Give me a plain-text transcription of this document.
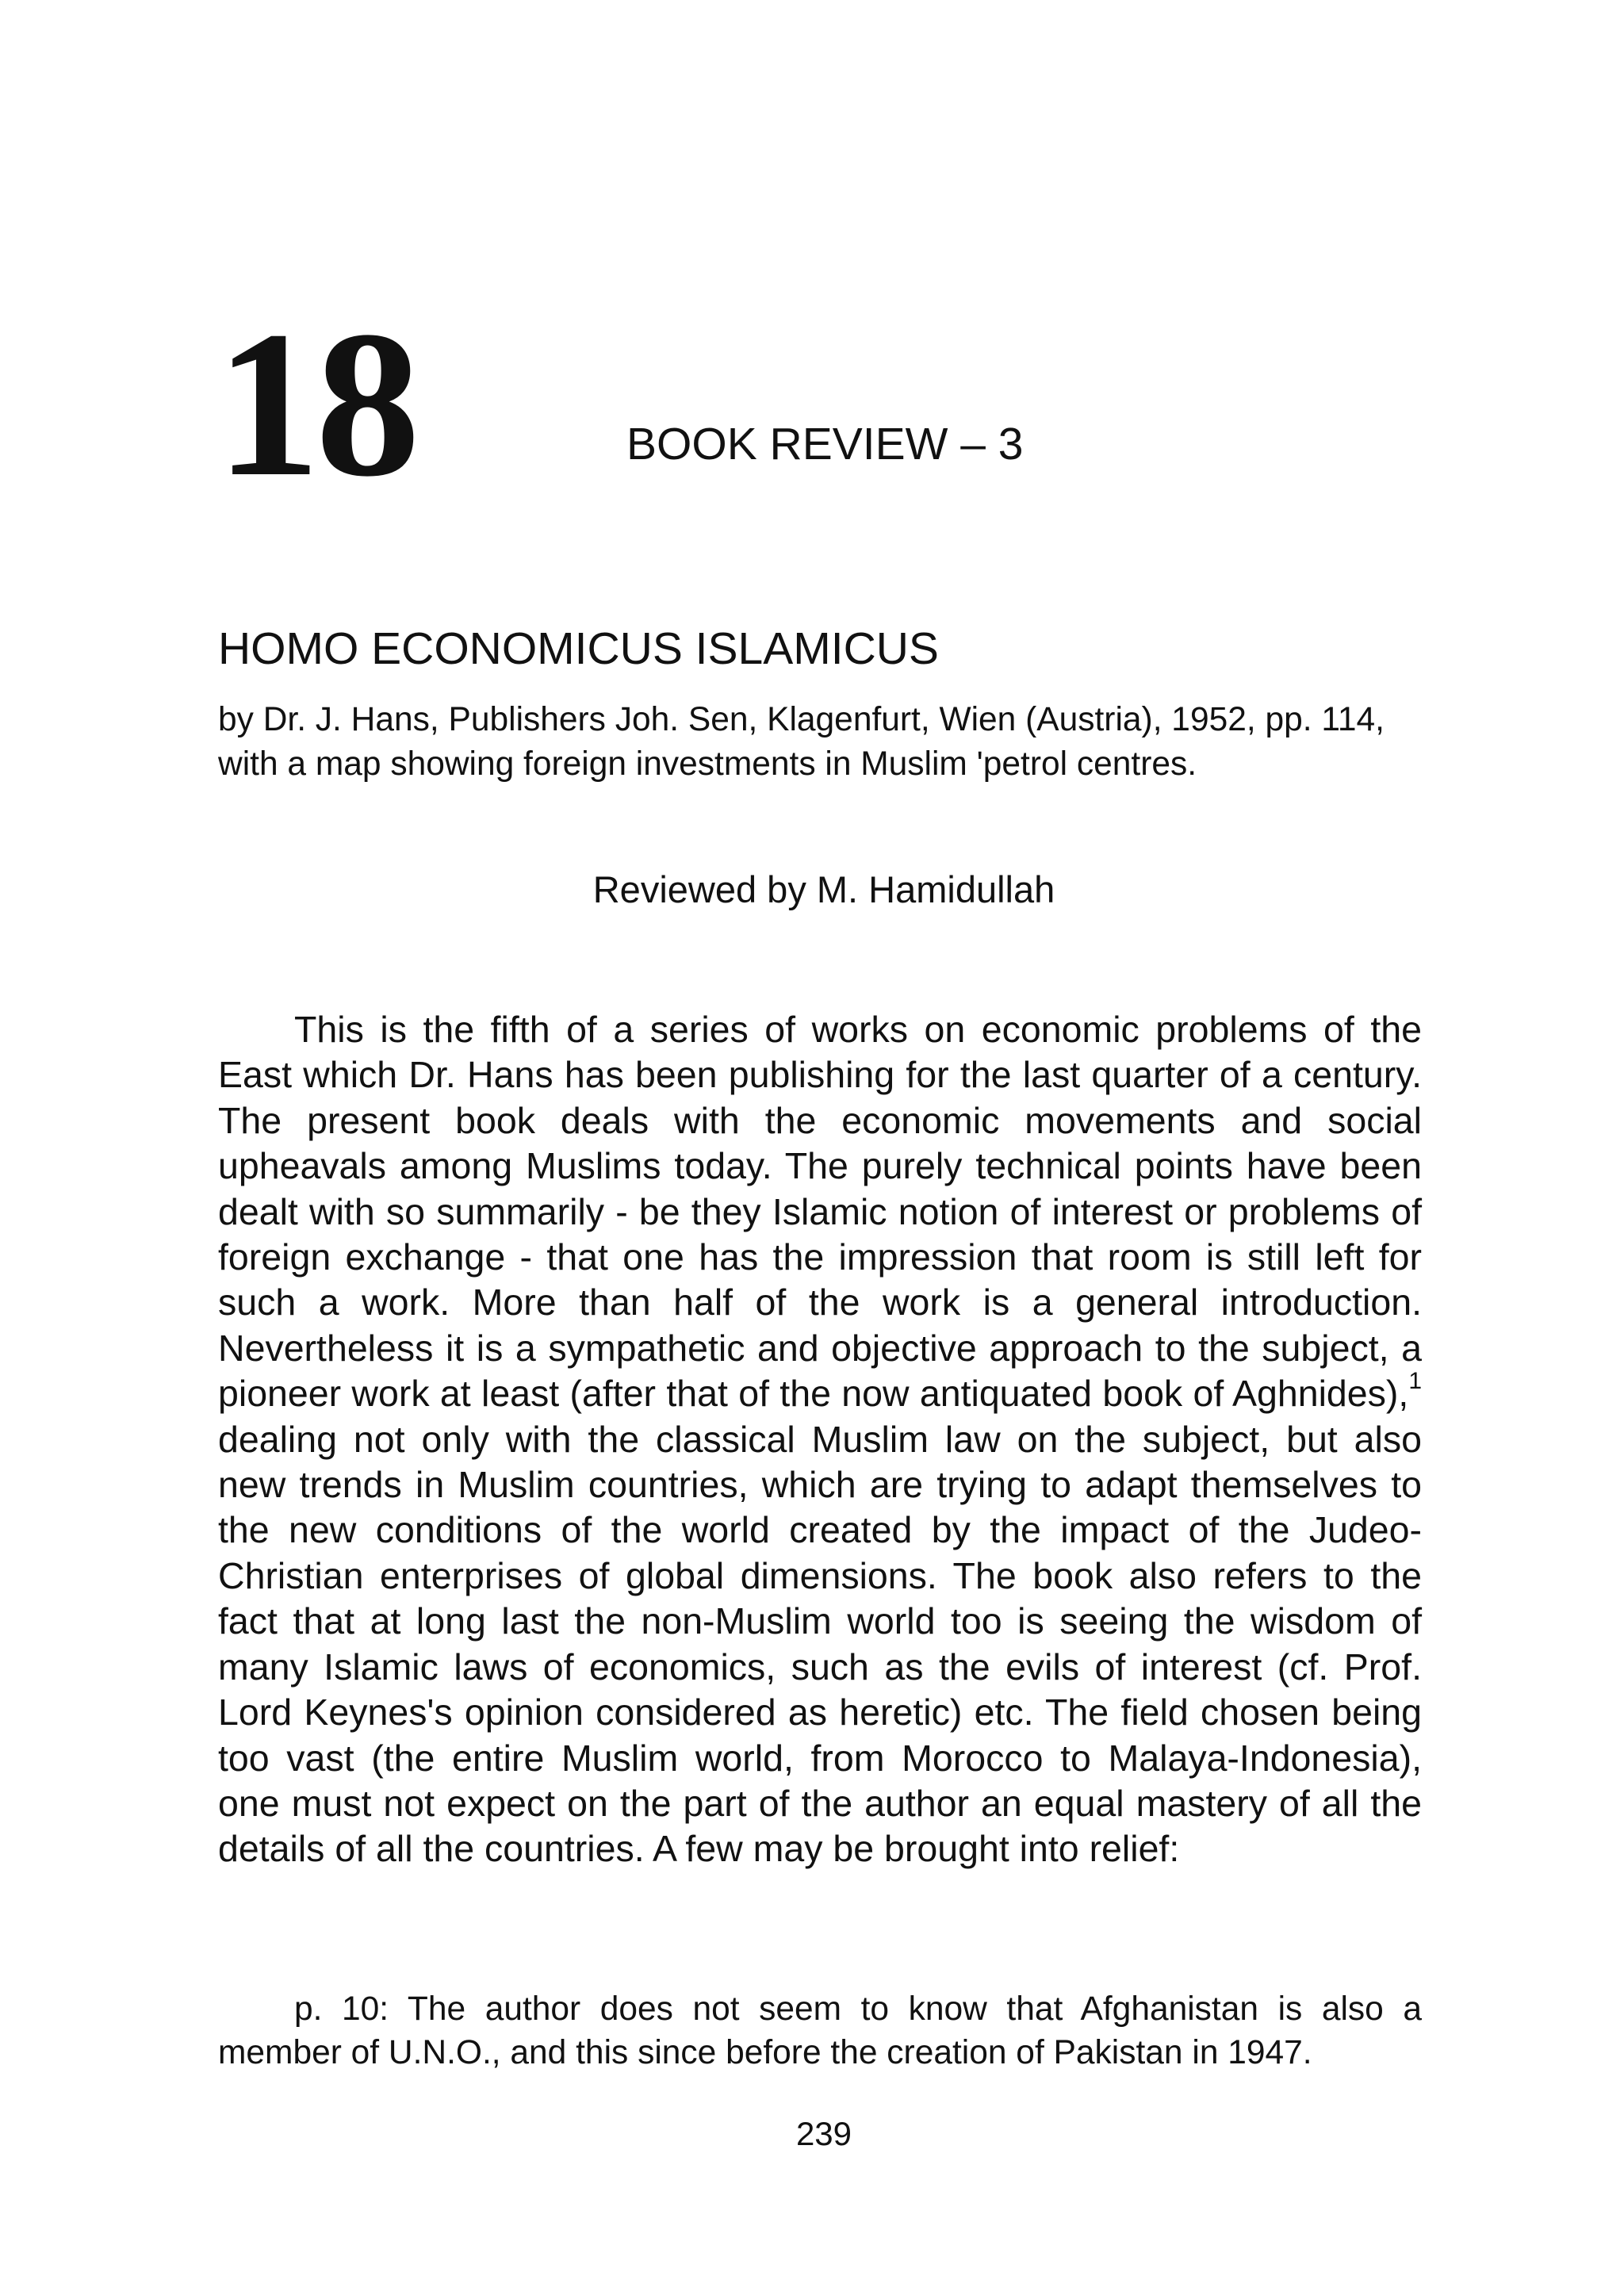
18	BOOK REVIEW – 3
HOMO ECONOMICUS ISLAMICUS

by Dr. J. Hans, Publishers Joh. Sen, Klagenfurt, Wien (Austria), 1952, pp. 114, with a map showing foreign investments in Muslim 'petrol centres.

Reviewed by M. Hamidullah

This is the fifth of a series of works on economic problems of the East which Dr. Hans has been publishing for the last quarter of a century. The present book deals with the economic movements and social upheavals among Muslims today. The purely technical points have been dealt with so summarily - be they Islamic notion of interest or problems of foreign exchange - that one has the impression that room is still left for such a work. More than half of the work is a general introduction. Nevertheless it is a sympathetic and objective approach to the subject, a pioneer work at least (after that of the now antiquated book of Aghnides),$^1$ dealing not only with the classical Muslim law on the subject, but also new trends in Muslim countries, which are trying to adapt themselves to the new conditions of the world created by the impact of the Judeo-Christian enterprises of global dimensions. The book also refers to the fact that at long last the non-Muslim world too is seeing the wisdom of many Islamic laws of economics, such as the evils of interest (cf. Prof. Lord Keynes's opinion considered as heretic) etc. The field chosen being too vast (the entire Muslim world, from Morocco to Malaya-Indonesia), one must not expect on the part of the author an equal mastery of all the details of all the countries. A few may be brought into relief:

p. 10: The author does not seem to know that Afghanistan is also a member of U.N.O., and this since before the creation of Pakistan in 1947.

239
